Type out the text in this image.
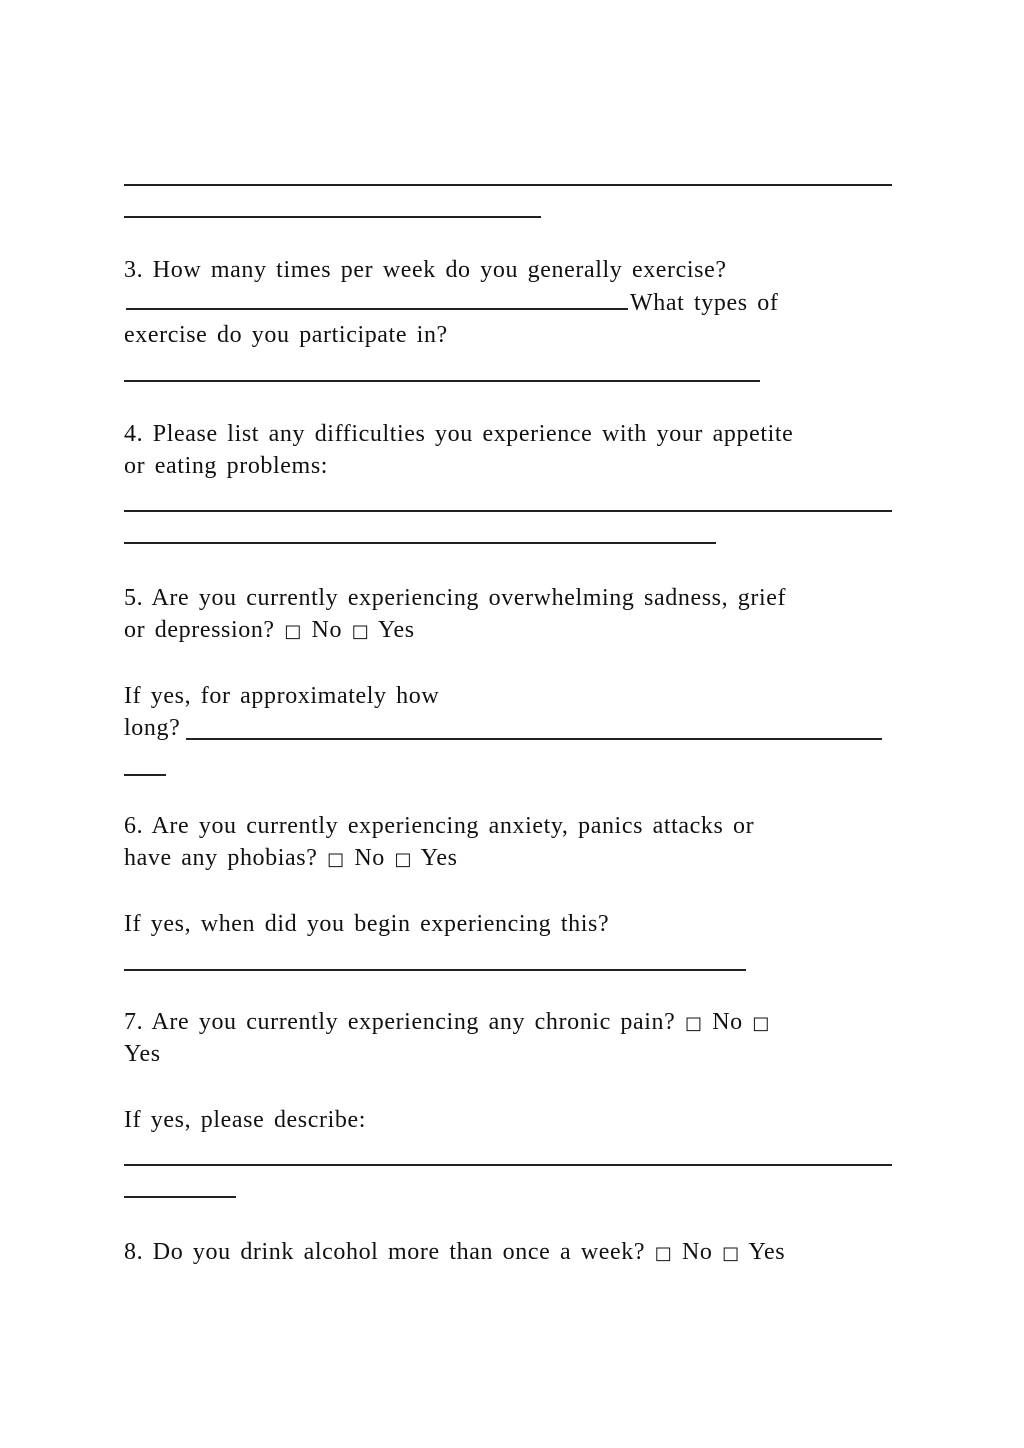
3. How many times per week do you generally exercise?
What types of
exercise do you participate in?
4. Please list any difficulties you experience with your appetite
or eating problems:
5. Are you currently experiencing overwhelming sadness, grief
or depression? □ No □ Yes
If yes, for approximately how
long?
6. Are you currently experiencing anxiety, panics attacks or
have any phobias? □ No □ Yes
If yes, when did you begin experiencing this?
7. Are you currently experiencing any chronic pain? □ No □
Yes
If yes, please describe:
8. Do you drink alcohol more than once a week? □ No □ Yes
